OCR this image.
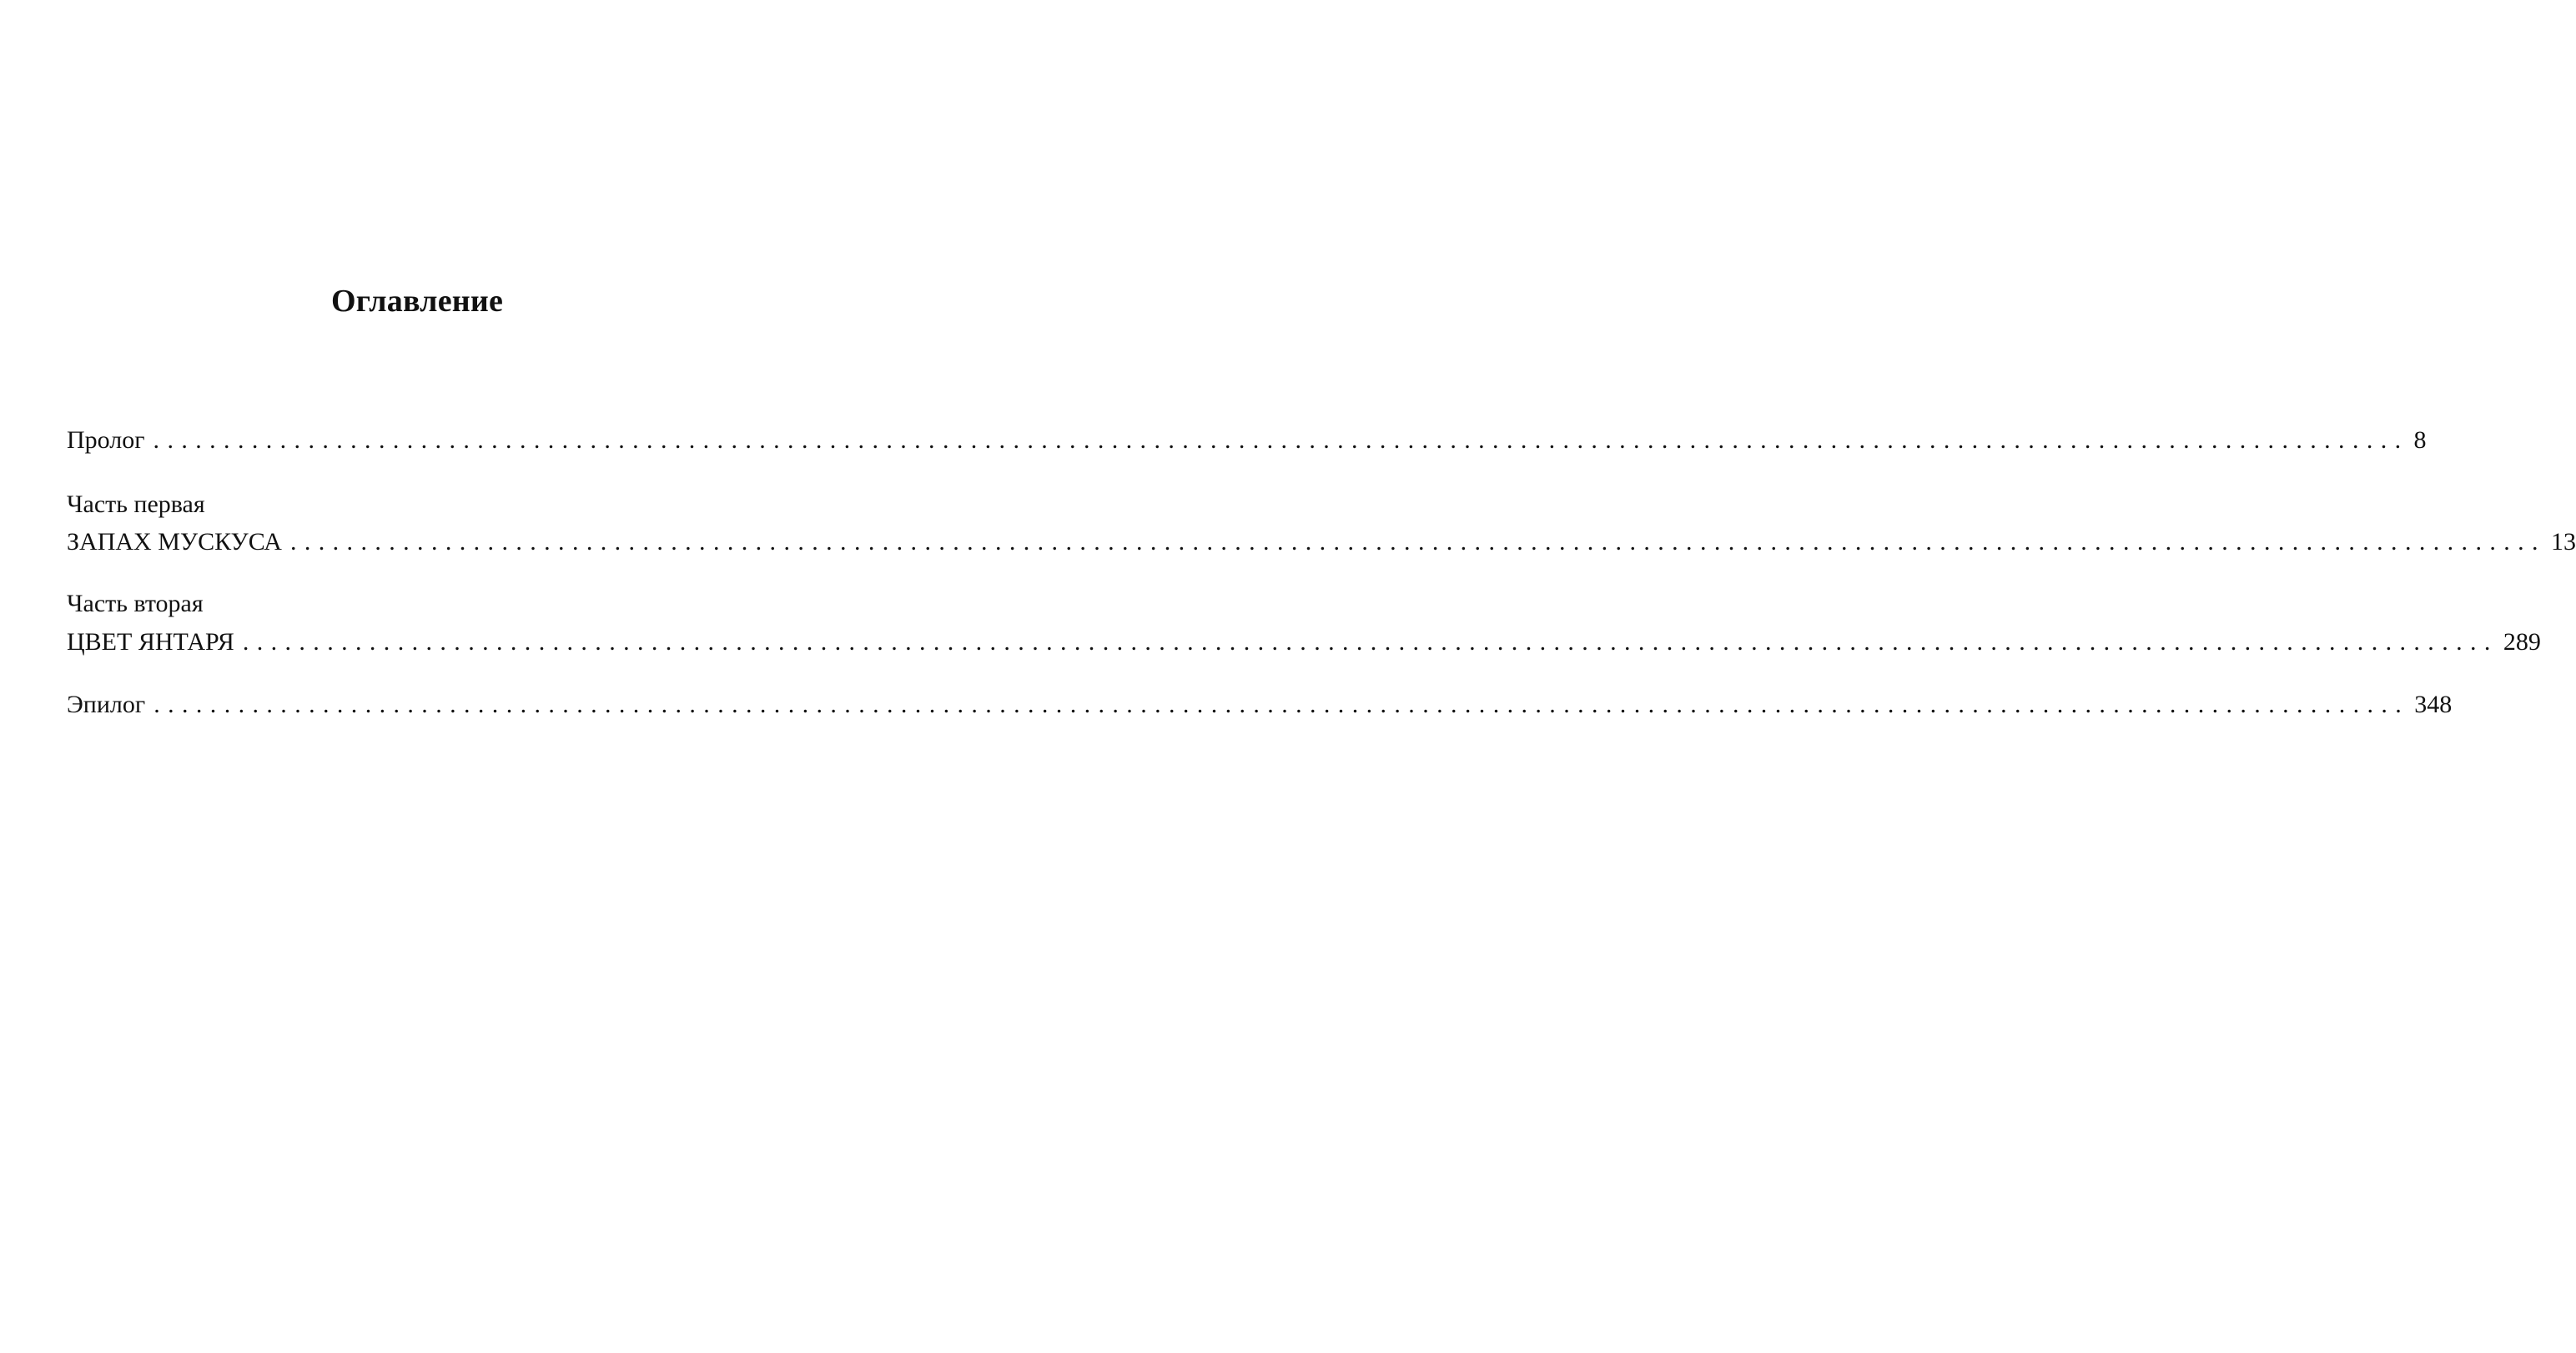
Оглавление
Пролог ................................................................................................................................................................ 8
Часть первая
ЗАПАХ МУСКУСА ................................................................................................................................................................ 13
Часть вторая
ЦВЕТ ЯНТАРЯ ................................................................................................................................................................ 289
Эпилог ................................................................................................................................................................ 348
